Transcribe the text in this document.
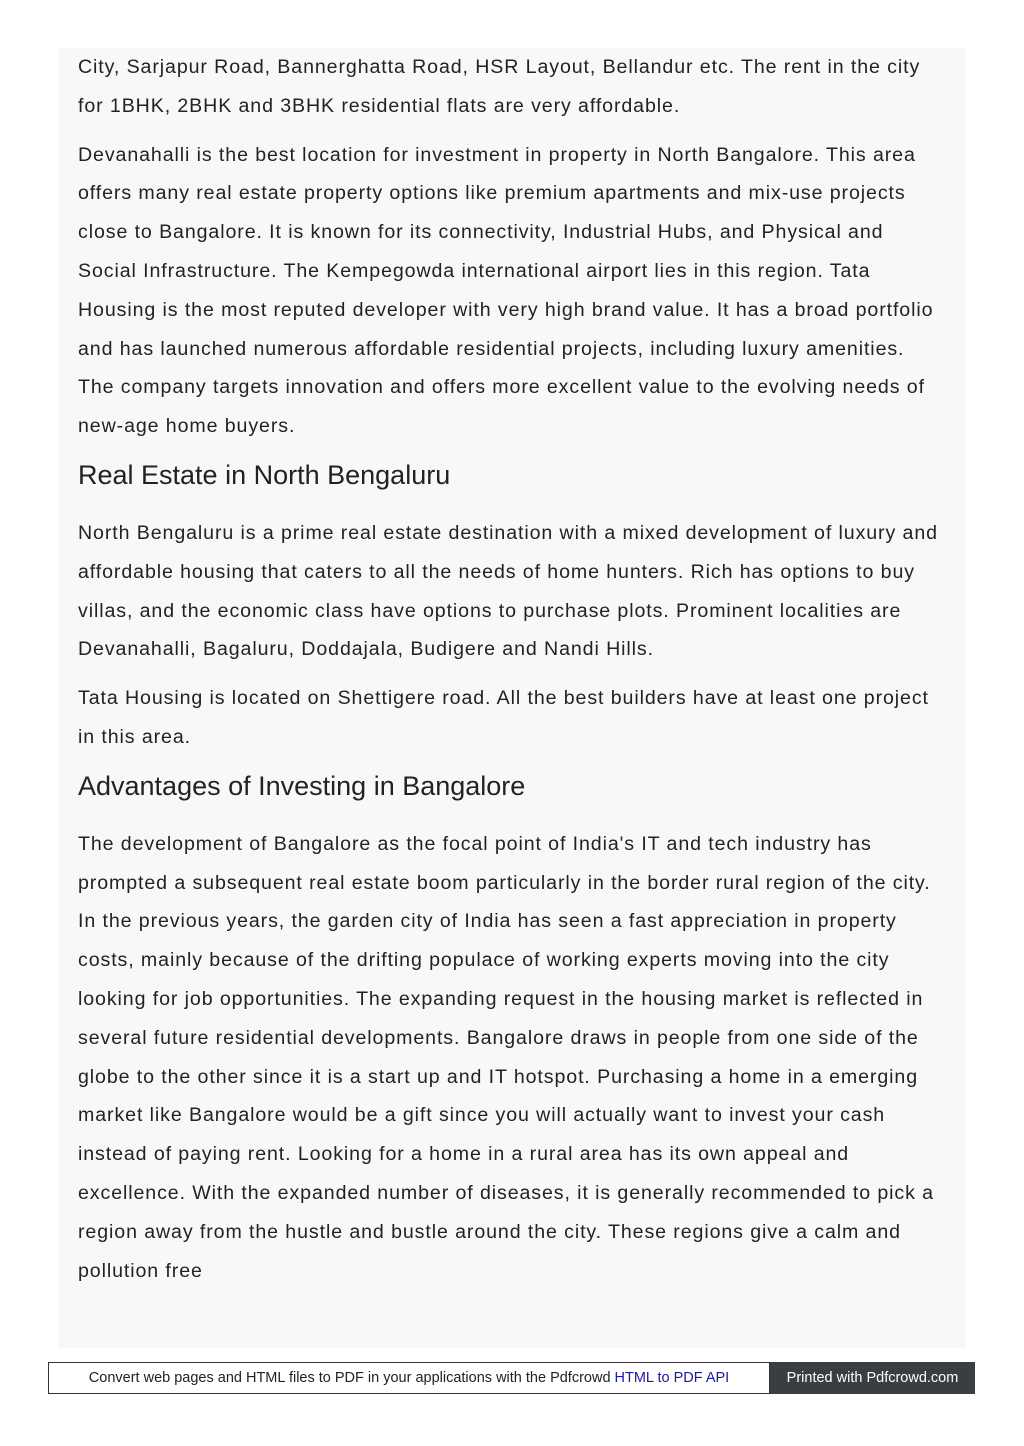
City, Sarjapur Road, Bannerghatta Road, HSR Layout, Bellandur etc. The rent in the city for 1BHK, 2BHK and 3BHK residential flats are very affordable.

Devanahalli is the best location for investment in property in North Bangalore. This area offers many real estate property options like premium apartments and mix-use projects close to Bangalore. It is known for its connectivity, Industrial Hubs, and Physical and Social Infrastructure. The Kempegowda international airport lies in this region. Tata Housing is the most reputed developer with very high brand value. It has a broad portfolio and has launched numerous affordable residential projects, including luxury amenities. The company targets innovation and offers more excellent value to the evolving needs of new-age home buyers.

Real Estate in North Bengaluru

North Bengaluru is a prime real estate destination with a mixed development of luxury and affordable housing that caters to all the needs of home hunters. Rich has options to buy villas, and the economic class have options to purchase plots. Prominent localities are Devanahalli, Bagaluru, Doddajala, Budigere and Nandi Hills.

Tata Housing is located on Shettigere road. All the best builders have at least one project in this area.

Advantages of Investing in Bangalore

The development of Bangalore as the focal point of India's IT and tech industry has prompted a subsequent real estate boom particularly in the border rural region of the city. In the previous years, the garden city of India has seen a fast appreciation in property costs, mainly because of the drifting populace of working experts moving into the city looking for job opportunities. The expanding request in the housing market is reflected in several future residential developments. Bangalore draws in people from one side of the globe to the other since it is a start up and IT hotspot. Purchasing a home in a emerging market like Bangalore would be a gift since you will actually want to invest your cash instead of paying rent. Looking for a home in a rural area has its own appeal and excellence. With the expanded number of diseases, it is generally recommended to pick a region away from the hustle and bustle around the city. These regions give a calm and pollution free

Convert web pages and HTML files to PDF in your applications with the Pdfcrowd HTML to PDF API	Printed with Pdfcrowd.com
